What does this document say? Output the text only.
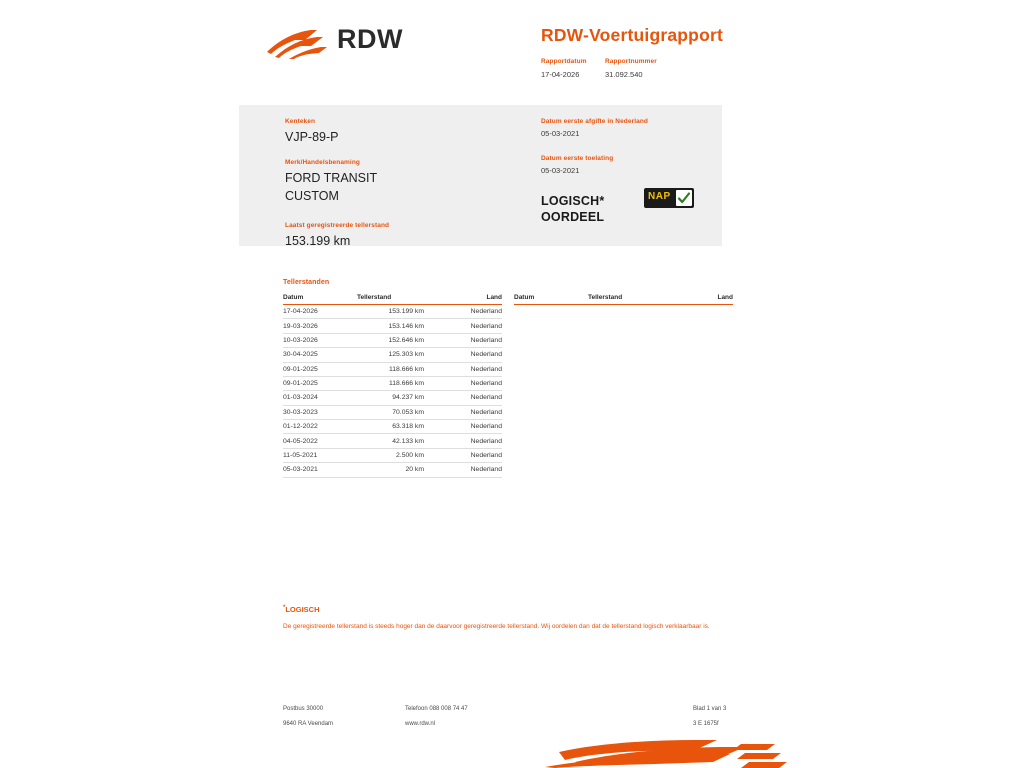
RDW	RDW-Voertuigrapport
Rapportdatum
17-04-2026
Rapportnummer
31.092.540
Kenteken
VJP-89-P
Merk/Handelsbenaming
FORD TRANSIT
CUSTOM
Laatst geregistreerde tellerstand
153.199 km
Datum eerste afgifte in Nederland
05-03-2021
Datum eerste toelating
05-03-2021
LOGISCH*
OORDEEL
NAP
Tellerstanden
Datum	Tellerstand	Land
17-04-2026	153.199 km	Nederland
19-03-2026	153.146 km	Nederland
10-03-2026	152.646 km	Nederland
30-04-2025	125.303 km	Nederland
09-01-2025	118.666 km	Nederland
09-01-2025	118.666 km	Nederland
01-03-2024	94.237 km	Nederland
30-03-2023	70.053 km	Nederland
01-12-2022	63.318 km	Nederland
04-05-2022	42.133 km	Nederland
11-05-2021	2.500 km	Nederland
05-03-2021	20 km	Nederland
Datum	Tellerstand	Land
*LOGISCH
De geregistreerde tellerstand is steeds hoger dan de daarvoor geregistreerde tellerstand. Wij oordelen dan dat de tellerstand logisch verklaarbaar is.
Postbus 30000
9640 RA Veendam
Telefoon 088 008 74 47
www.rdw.nl
Blad 1 van 3
3 E 1675f
